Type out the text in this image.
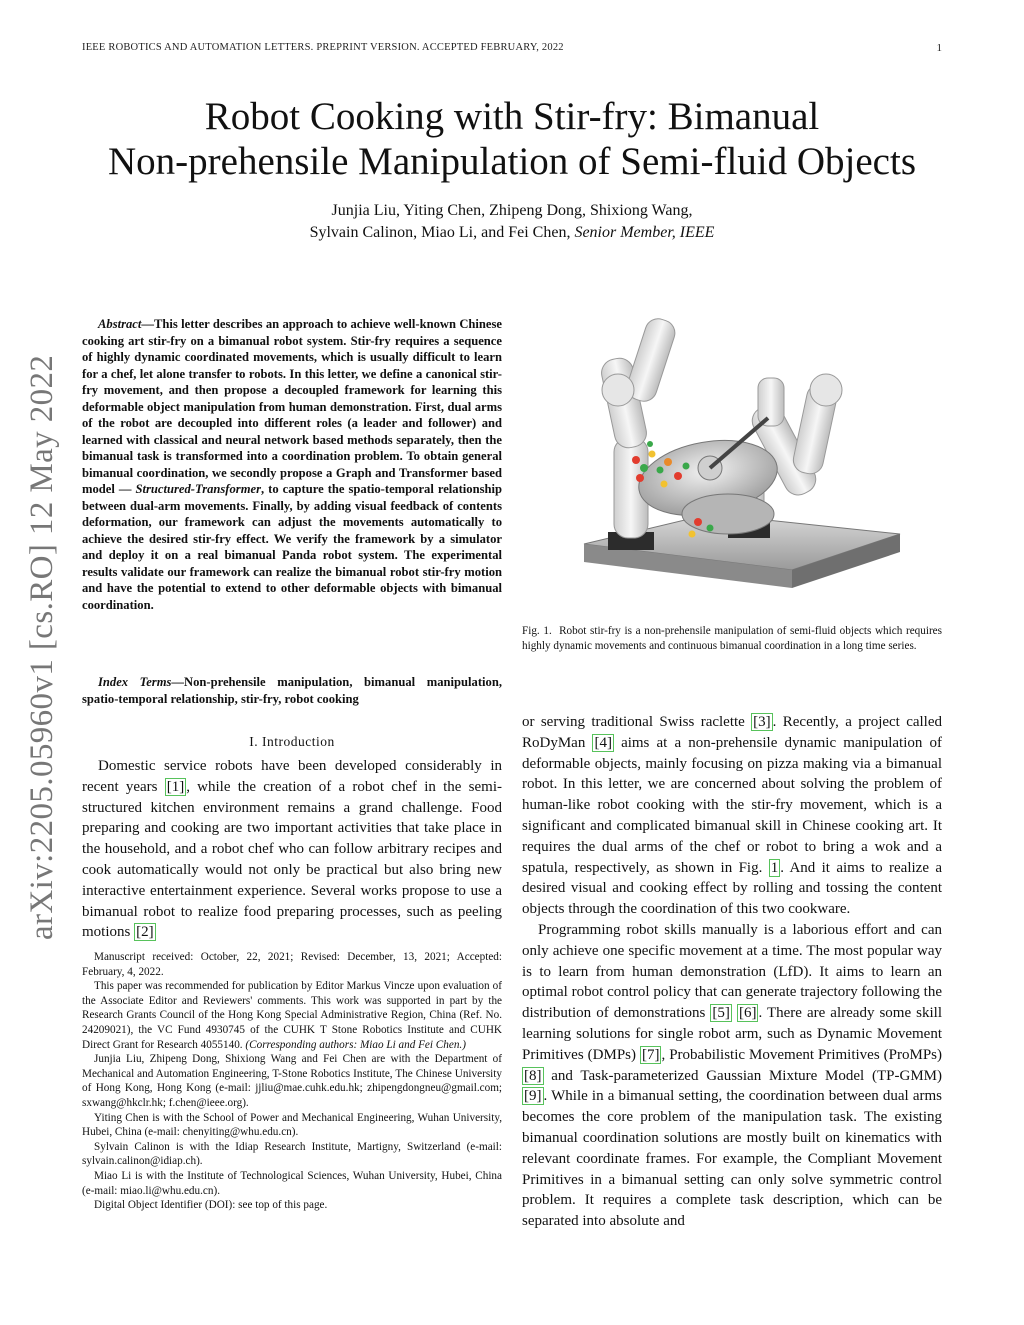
IEEE ROBOTICS AND AUTOMATION LETTERS. PREPRINT VERSION. ACCEPTED FEBRUARY, 2022	1
Robot Cooking with Stir-fry: Bimanual
Non-prehensile Manipulation of Semi-fluid Objects
Junjia Liu, Yiting Chen, Zhipeng Dong, Shixiong Wang,
Sylvain Calinon, Miao Li, and Fei Chen, Senior Member, IEEE
arXiv:2205.05960v1 [cs.RO] 12 May 2022
Abstract—This letter describes an approach to achieve well-known Chinese cooking art stir-fry on a bimanual robot system. Stir-fry requires a sequence of highly dynamic coordinated movements, which is usually difficult to learn for a chef, let alone transfer to robots. In this letter, we define a canonical stir-fry movement, and then propose a decoupled framework for learning this deformable object manipulation from human demonstration. First, dual arms of the robot are decoupled into different roles (a leader and follower) and learned with classical and neural network based methods separately, then the bimanual task is transformed into a coordination problem. To obtain general bimanual coordination, we secondly propose a Graph and Transformer based model — Structured-Transformer, to capture the spatio-temporal relationship between dual-arm movements. Finally, by adding visual feedback of contents deformation, our framework can adjust the movements automatically to achieve the desired stir-fry effect. We verify the framework by a simulator and deploy it on a real bimanual Panda robot system. The experimental results validate our framework can realize the bimanual robot stir-fry motion and have the potential to extend to other deformable objects with bimanual coordination.
Index Terms—Non-prehensile manipulation, bimanual manipulation, spatio-temporal relationship, stir-fry, robot cooking
I. Introduction

Domestic service robots have been developed considerably in recent years [1] , while the creation of a robot chef in the semi-structured kitchen environment remains a grand challenge. Food preparing and cooking are two important activities that take place in the household, and a robot chef who can follow arbitrary recipes and cook automatically would not only be practical but also bring new interactive entertainment experience. Several works propose to use a bimanual robot to realize food preparing processes, such as peeling motions [2]

Manuscript received: October, 22, 2021; Revised: December, 13, 2021; Accepted: February, 4, 2022.

This paper was recommended for publication by Editor Markus Vincze upon evaluation of the Associate Editor and Reviewers' comments. This work was supported in part by the Research Grants Council of the Hong Kong Special Administrative Region, China (Ref. No. 24209021), the VC Fund 4930745 of the CUHK T Stone Robotics Institute and CUHK Direct Grant for Research 4055140. (Corresponding authors: Miao Li and Fei Chen.)

Junjia Liu, Zhipeng Dong, Shixiong Wang and Fei Chen are with the Department of Mechanical and Automation Engineering, T-Stone Robotics Institute, The Chinese University of Hong Kong, Hong Kong (e-mail: jjliu@mae.cuhk.edu.hk; zhipengdongneu@gmail.com; sxwang@hkclr.hk; f.chen@ieee.org).

Yiting Chen is with the School of Power and Mechanical Engineering, Wuhan University, Hubei, China (e-mail: chenyiting@whu.edu.cn).

Sylvain Calinon is with the Idiap Research Institute, Martigny, Switzerland (e-mail: sylvain.calinon@idiap.ch).

Miao Li is with the Institute of Technological Sciences, Wuhan University, Hubei, China (e-mail: miao.li@whu.edu.cn).

Digital Object Identifier (DOI): see top of this page.

Fig. 1. Robot stir-fry is a non-prehensile manipulation of semi-fluid objects which requires highly dynamic movements and continuous bimanual coordination in a long time series.

or serving traditional Swiss raclette [3] . Recently, a project called RoDyMan [4] aims at a non-prehensile dynamic manipulation of deformable objects, mainly focusing on pizza making via a bimanual robot. In this letter, we are concerned about solving the problem of human-like robot cooking with the stir-fry movement, which is a significant and complicated bimanual skill in Chinese cooking art. It requires the dual arms of the chef or robot to bring a wok and a spatula, respectively, as shown in Fig. 1 . And it aims to realize a desired visual and cooking effect by rolling and tossing the content objects through the coordination of this two cookware.

Programming robot skills manually is a laborious effort and can only achieve one specific movement at a time. The most popular way is to learn from human demonstration (LfD). It aims to learn an optimal robot control policy that can generate trajectory following the distribution of demonstrations [5] [6] . There are already some skill learning solutions for single robot arm, such as Dynamic Movement Primitives (DMPs) [7] , Probabilistic Movement Primitives (ProMPs) [8] and Task-parameterized Gaussian Mixture Model (TP-GMM) [9] . While in a bimanual setting, the coordination between dual arms becomes the core problem of the manipulation task. The existing bimanual coordination solutions are mostly built on kinematics with relevant coordinate frames. For example, the Compliant Movement Primitives in a bimanual setting can only solve symmetric control problem. It requires a complete task description, which can be separated into absolute and
